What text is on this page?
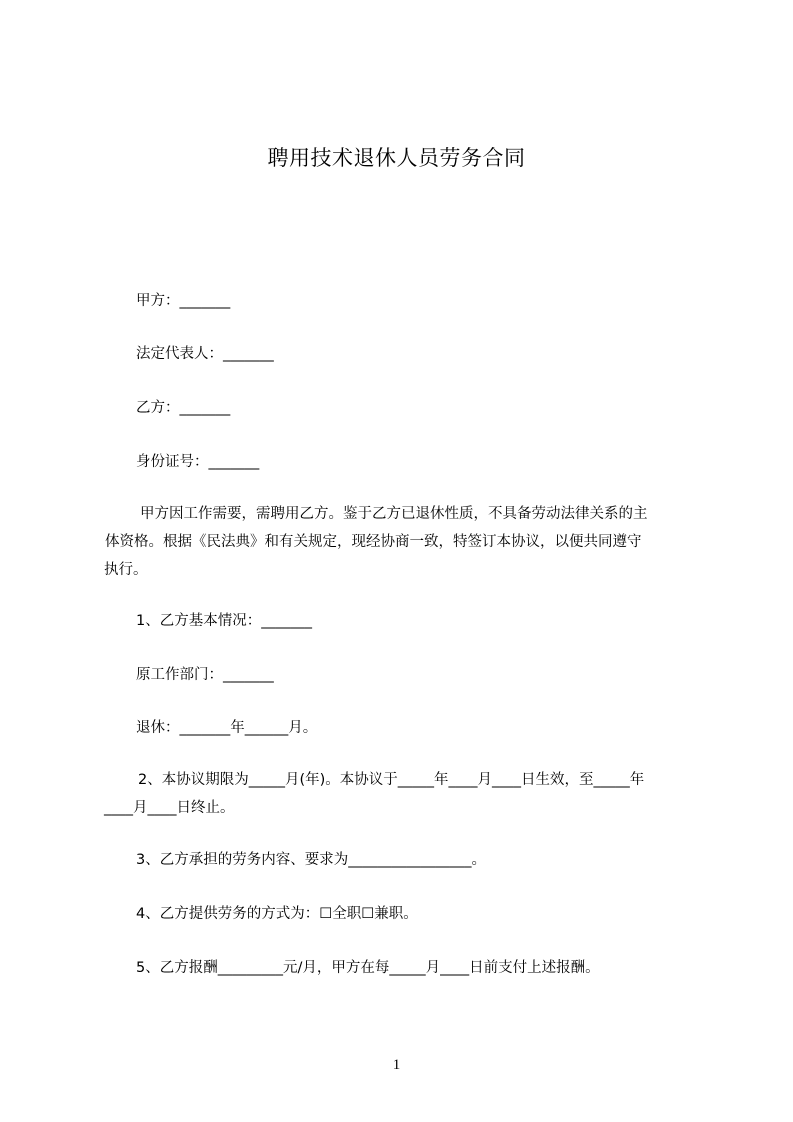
聘用技术退休人员劳务合同
甲方：_______
法定代表人：_______
乙方：_______
身份证号：_______
甲方因工作需要，需聘用乙方。鉴于乙方已退休性质，不具备劳动法律关系的主
体资格。根据《民法典》和有关规定，现经协商一致，特签订本协议，以便共同遵守
执行。
1、乙方基本情况：_______
原工作部门：_______
退休：_______年______月。
2、本协议期限为_____月(年)。本协议于_____年____月____日生效，至_____年
____月____日终止。
3、乙方承担的劳务内容、要求为_________________。
4、乙方提供劳务的方式为：☐全职☐兼职。
5、乙方报酬_________元/月，甲方在每_____月____日前支付上述报酬。
1
